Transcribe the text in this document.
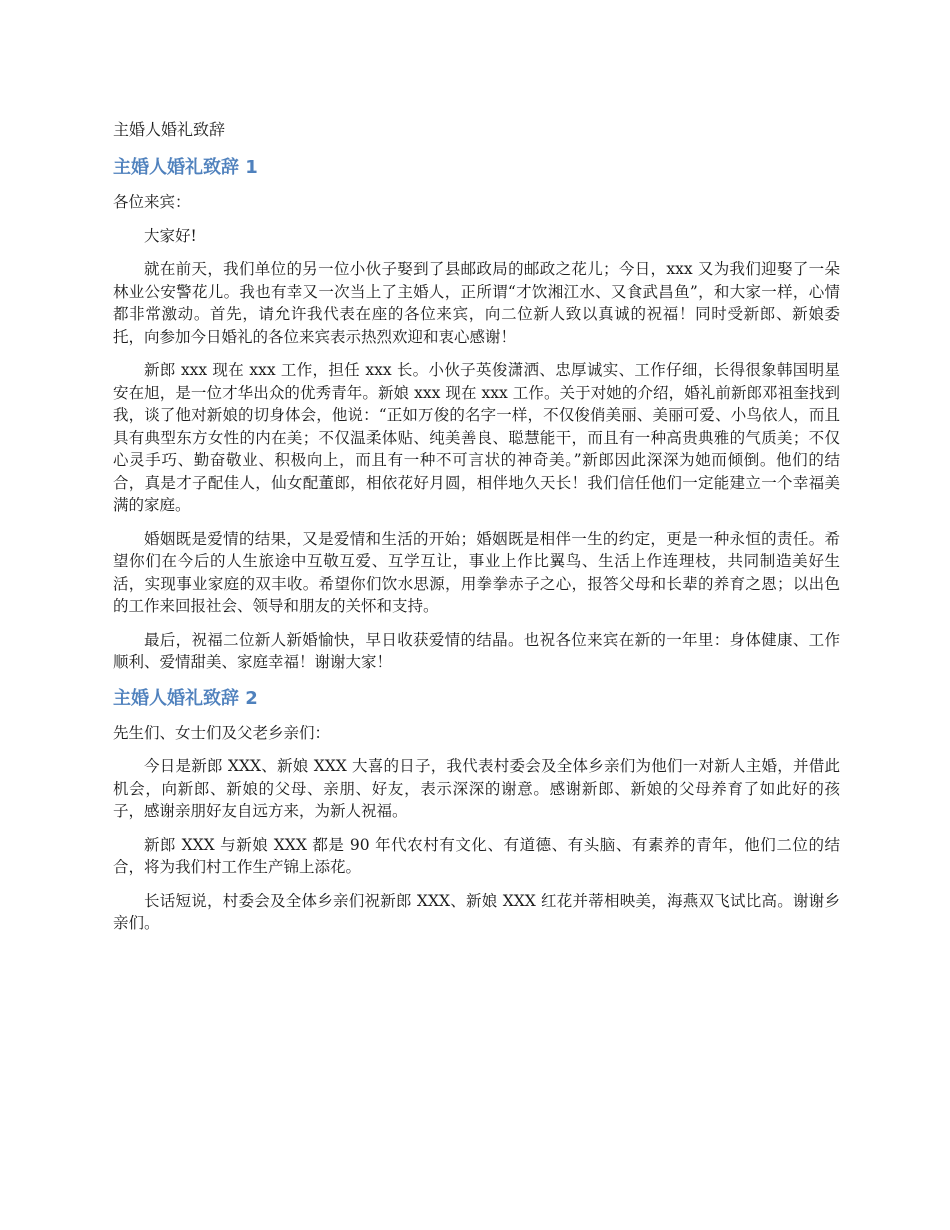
主婚人婚礼致辞

主婚人婚礼致辞 1

各位来宾：

大家好!

就在前天，我们单位的另一位小伙子娶到了县邮政局的邮政之花儿；今日，xxx 又为我们迎娶了一朵林业公安警花儿。我也有幸又一次当上了主婚人，正所谓“才饮湘江水、又食武昌鱼”，和大家一样，心情都非常激动。首先，请允许我代表在座的各位来宾，向二位新人致以真诚的祝福！同时受新郎、新娘委托，向参加今日婚礼的各位来宾表示热烈欢迎和衷心感谢！

新郎 xxx 现在 xxx 工作，担任 xxx 长。小伙子英俊潇洒、忠厚诚实、工作仔细，长得很象韩国明星安在旭，是一位才华出众的优秀青年。新娘 xxx 现在 xxx 工作。关于对她的介绍，婚礼前新郎邓祖奎找到我，谈了他对新娘的切身体会，他说：“正如万俊的名字一样，不仅俊俏美丽、美丽可爱、小鸟依人，而且具有典型东方女性的内在美；不仅温柔体贴、纯美善良、聪慧能干，而且有一种高贵典雅的气质美；不仅心灵手巧、勤奋敬业、积极向上，而且有一种不可言状的神奇美。”新郎因此深深为她而倾倒。他们的结合，真是才子配佳人，仙女配董郎，相依花好月圆，相伴地久天长！我们信任他们一定能建立一个幸福美满的家庭。

婚姻既是爱情的结果，又是爱情和生活的开始；婚姻既是相伴一生的约定，更是一种永恒的责任。希望你们在今后的人生旅途中互敬互爱、互学互让，事业上作比翼鸟、生活上作连理枝，共同制造美好生活，实现事业家庭的双丰收。希望你们饮水思源，用拳拳赤子之心，报答父母和长辈的养育之恩；以出色的工作来回报社会、领导和朋友的关怀和支持。

最后，祝福二位新人新婚愉快，早日收获爱情的结晶。也祝各位来宾在新的一年里：身体健康、工作顺利、爱情甜美、家庭幸福！谢谢大家！

主婚人婚礼致辞 2

先生们、女士们及父老乡亲们：

今日是新郎 XXX、新娘 XXX 大喜的日子，我代表村委会及全体乡亲们为他们一对新人主婚，并借此机会，向新郎、新娘的父母、亲朋、好友，表示深深的谢意。感谢新郎、新娘的父母养育了如此好的孩子，感谢亲朋好友自远方来，为新人祝福。

新郎 XXX 与新娘 XXX 都是 90 年代农村有文化、有道德、有头脑、有素养的青年，他们二位的结合，将为我们村工作生产锦上添花。

长话短说，村委会及全体乡亲们祝新郎 XXX、新娘 XXX 红花并蒂相映美，海燕双飞试比高。谢谢乡亲们。
